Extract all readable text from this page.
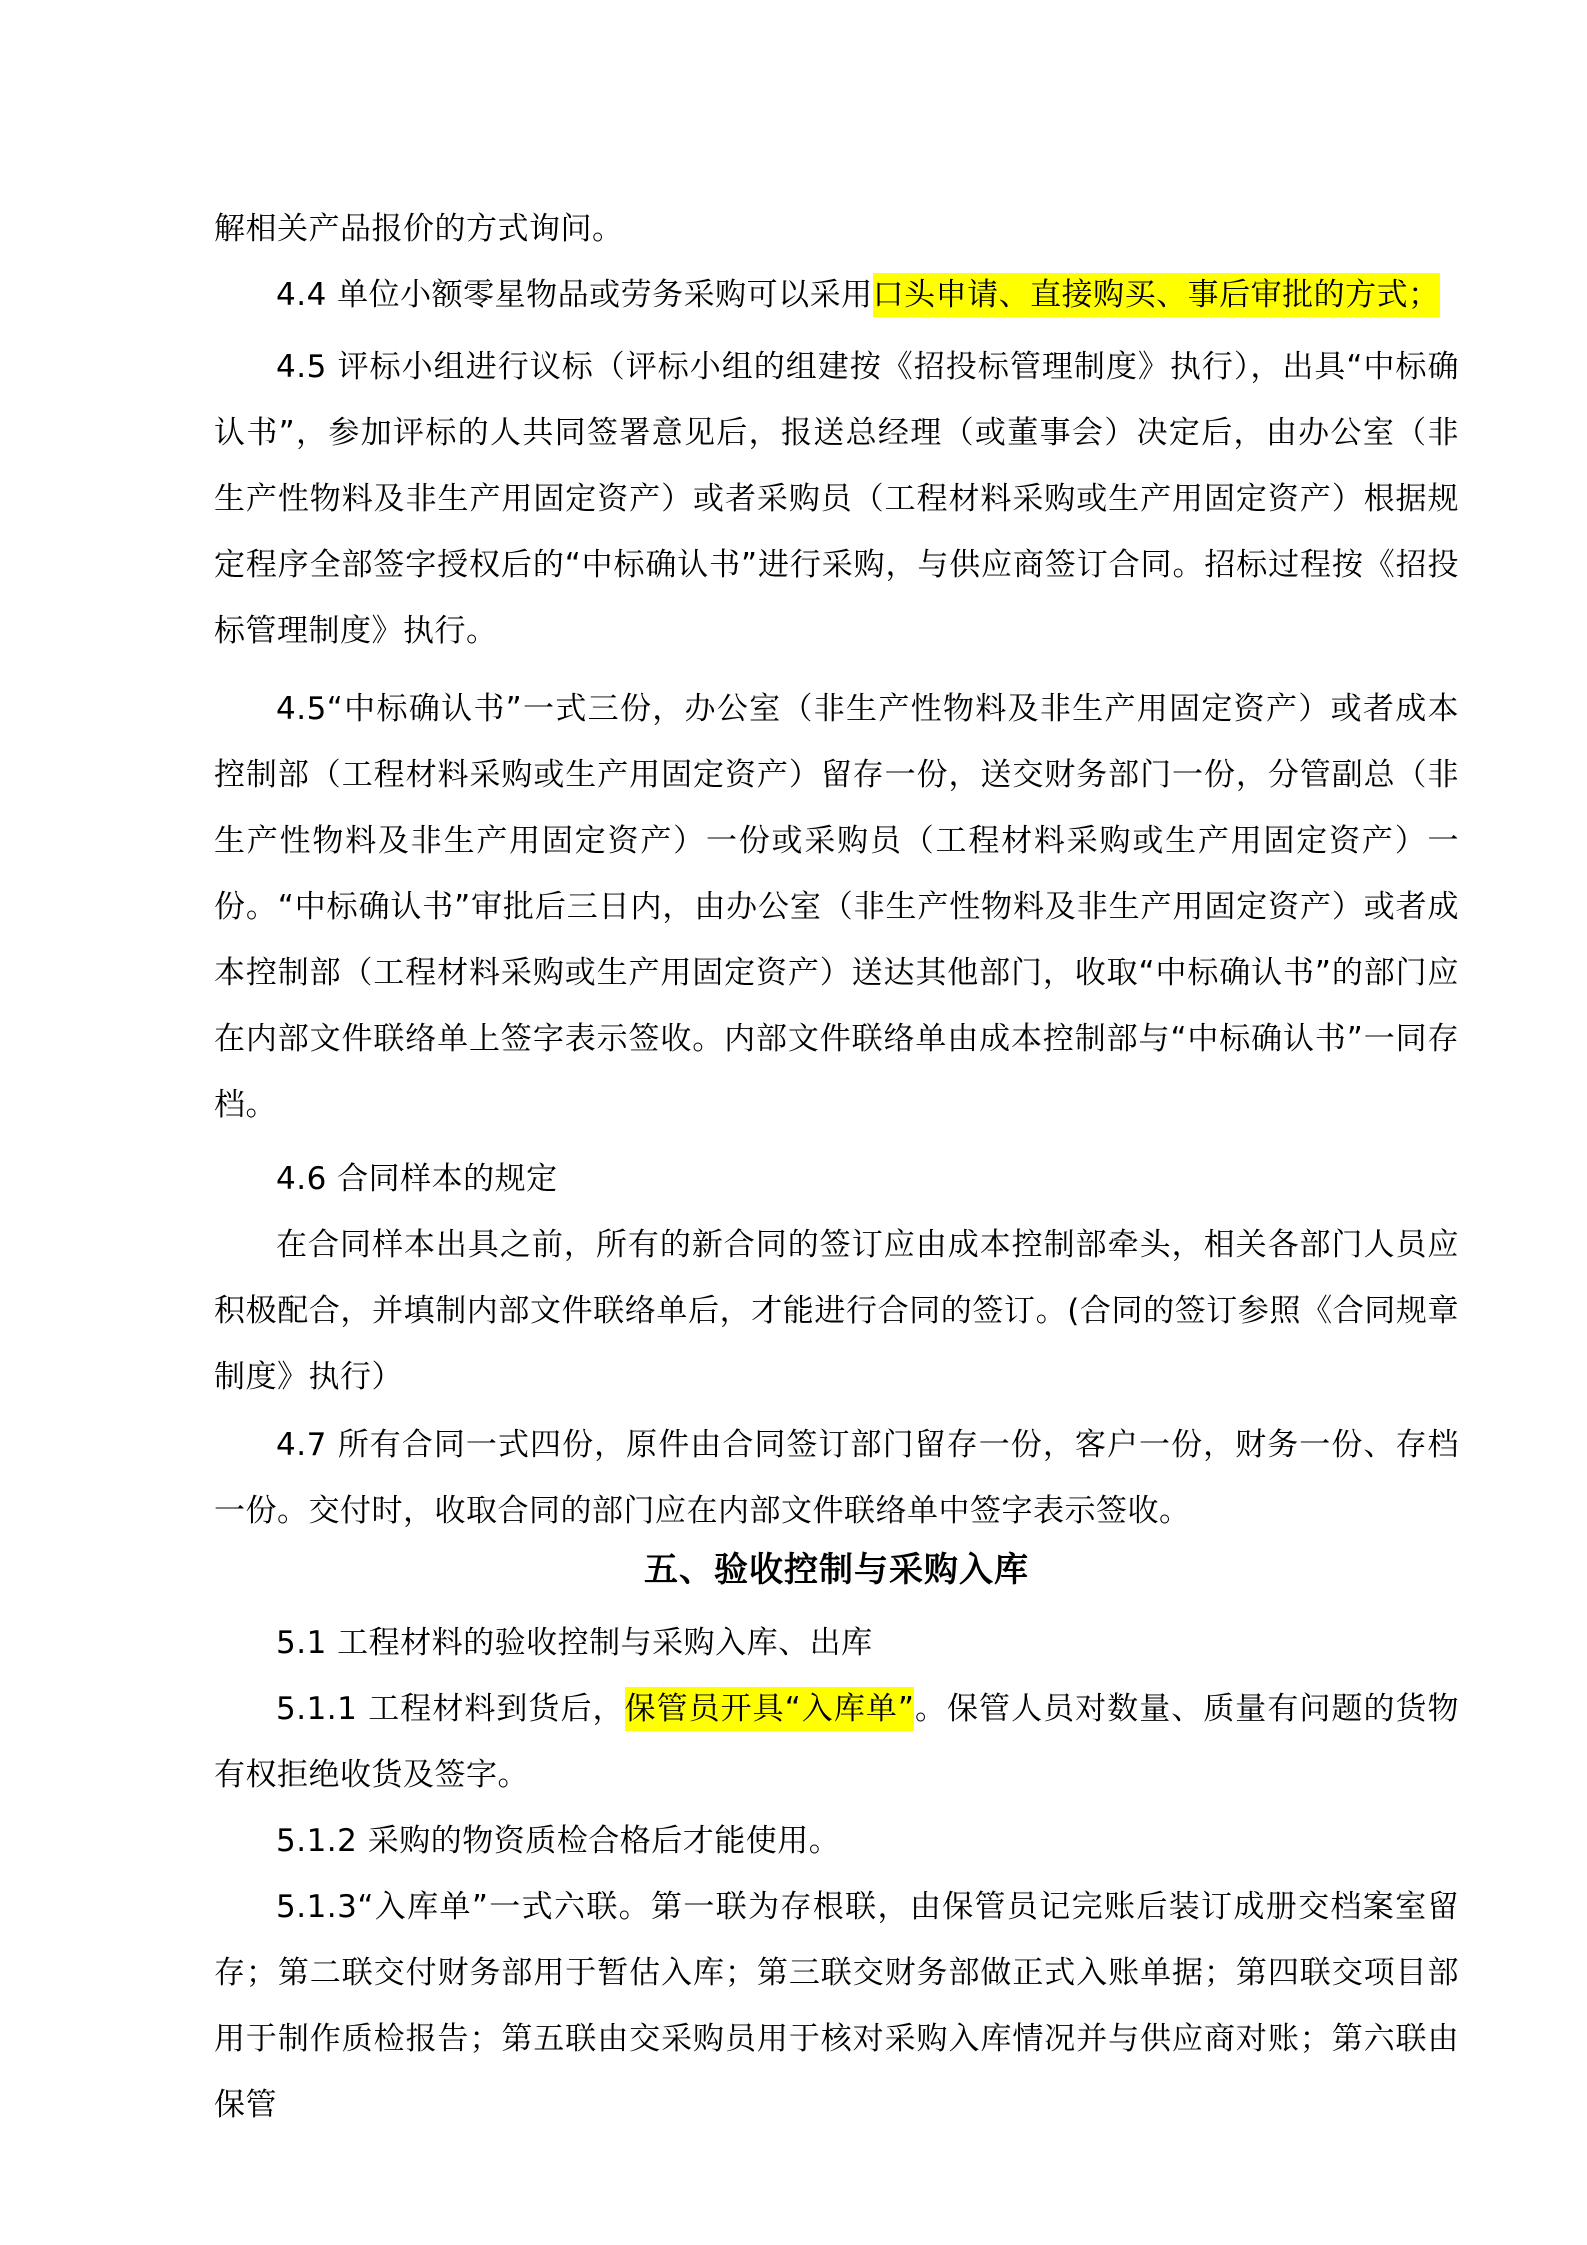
解相关产品报价的方式询问。

4.4 单位小额零星物品或劳务采购可以采用口头申请、直接购买、事后审批的方式；

4.5 评标小组进行议标（评标小组的组建按《招投标管理制度》执行），出具“中标确认书”，参加评标的人共同签署意见后，报送总经理（或董事会）决定后，由办公室（非生产性物料及非生产用固定资产）或者采购员（工程材料采购或生产用固定资产）根据规定程序全部签字授权后的“中标确认书”进行采购，与供应商签订合同。招标过程按《招投标管理制度》执行。

4.5“中标确认书”一式三份，办公室（非生产性物料及非生产用固定资产）或者成本控制部（工程材料采购或生产用固定资产）留存一份，送交财务部门一份，分管副总（非生产性物料及非生产用固定资产）一份或采购员（工程材料采购或生产用固定资产）一份。“中标确认书”审批后三日内，由办公室（非生产性物料及非生产用固定资产）或者成本控制部（工程材料采购或生产用固定资产）送达其他部门，收取“中标确认书”的部门应在内部文件联络单上签字表示签收。内部文件联络单由成本控制部与“中标确认书”一同存档。

4.6 合同样本的规定

在合同样本出具之前，所有的新合同的签订应由成本控制部牵头，相关各部门人员应积极配合，并填制内部文件联络单后，才能进行合同的签订。(合同的签订参照《合同规章制度》执行）

4.7 所有合同一式四份，原件由合同签订部门留存一份，客户一份，财务一份、存档一份。交付时，收取合同的部门应在内部文件联络单中签字表示签收。

五、验收控制与采购入库

5.1 工程材料的验收控制与采购入库、出库

5.1.1 工程材料到货后，保管员开具“入库单”。保管人员对数量、质量有问题的货物有权拒绝收货及签字。

5.1.2 采购的物资质检合格后才能使用。

5.1.3“入库单”一式六联。第一联为存根联，由保管员记完账后装订成册交档案室留存；第二联交付财务部用于暂估入库；第三联交财务部做正式入账单据；第四联交项目部用于制作质检报告；第五联由交采购员用于核对采购入库情况并与供应商对账；第六联由保管
